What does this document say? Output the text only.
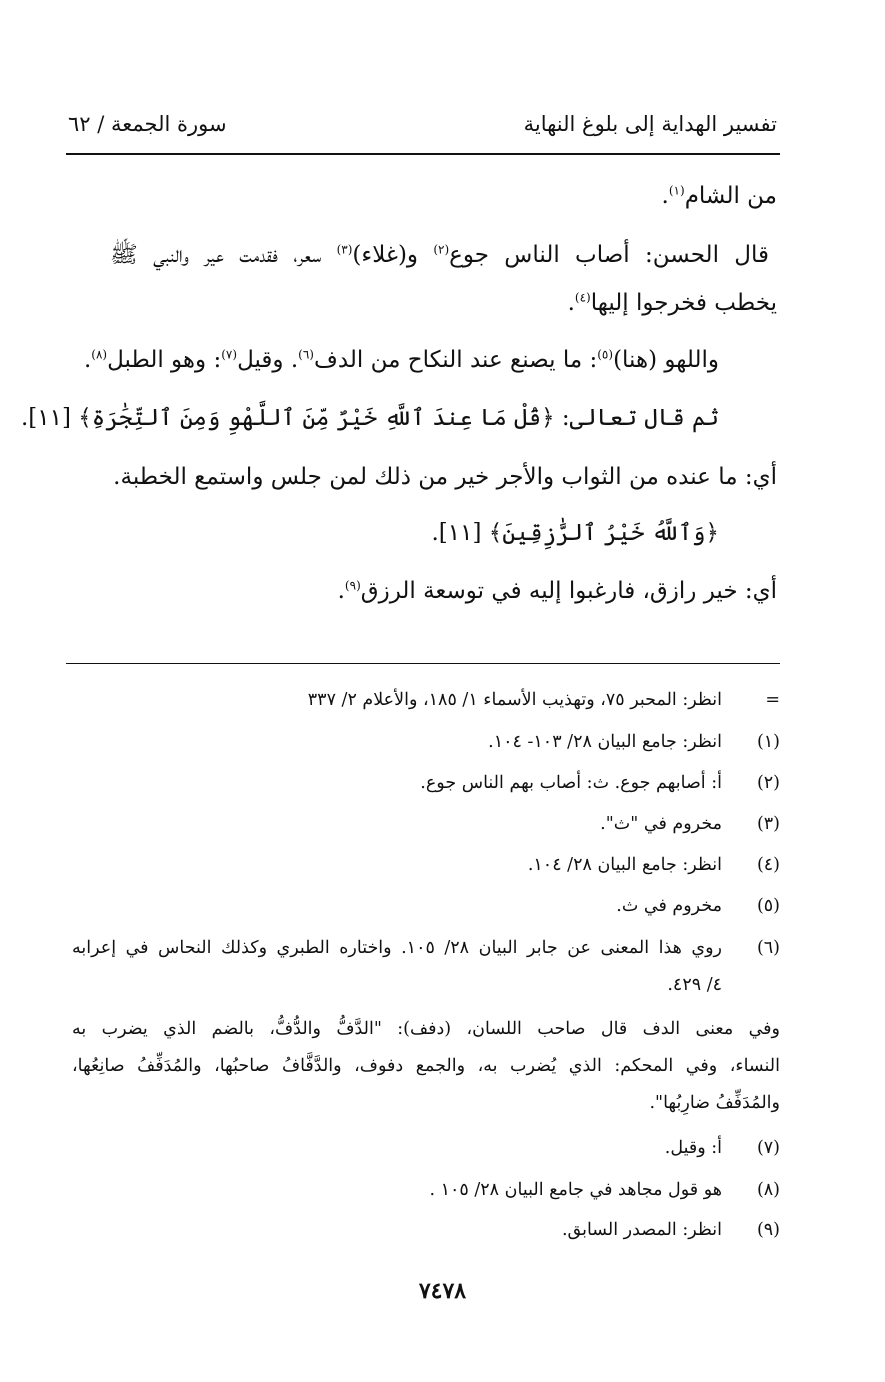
تفسير الهداية إلى بلوغ النهاية
سورة الجمعة / ٦٢
من الشام$^{(١)}$.
قال الحسن: أصاب الناس جوع$^{(٢)}$ و(غلاء)$^{(٣)}$ سعر، فقدمت عير والنبي ﷺ
يخطب فخرجوا إليها$^{(٤)}$.
واللهو (هنا)$^{(٥)}$: ما يصنع عند النكاح من الدف$^{(٦)}$. وقيل$^{(٧)}$: وهو الطبل$^{(٨)}$.
ثم قال تعالى: ﴿قُلْ مَا عِندَ ٱللَّهِ خَيْرٌ مِّنَ ٱللَّهْوِ وَمِنَ ٱلتِّجَٰرَةِ﴾ [١١].
أي: ما عنده من الثواب والأجر خير من ذلك لمن جلس واستمع الخطبة.
﴿وَٱللَّهُ خَيْرُ ٱلرَّٰزِقِينَ﴾ [١١].
أي: خير رازق، فارغبوا إليه في توسعة الرزق$^{(٩)}$.
=
انظر: المحبر ٧٥، وتهذيب الأسماء ١/ ١٨٥، والأعلام ٢/ ٣٣٧
(١)
انظر: جامع البيان ٢٨/ ١٠٣- ١٠٤.
(٢)
أ: أصابهم جوع. ث: أصاب بهم الناس جوع.
(٣)
مخروم في "ث".
(٤)
انظر: جامع البيان ٢٨/ ١٠٤.
(٥)
مخروم في ث.
(٦)
روي هذا المعنى عن جابر البيان ٢٨/ ١٠٥. واختاره الطبري وكذلك النحاس في إعرابه
٤/ ٤٢٩.
وفي معنى الدف قال صاحب اللسان، (دفف): "الدَّفُّ والدُّفُّ، بالضم الذي يضرب به
النساء، وفي المحكم: الذي يُضرب به، والجمع دفوف، والدَّفَّافُ صاحبُها، والمُدَفِّفُ صانِعُها،
والمُدَفِّفُ ضارِبُها".
(٧)
أ: وقيل.
(٨)
هو قول مجاهد في جامع البيان ٢٨/ ١٠٥ .
(٩)
انظر: المصدر السابق.
٧٤٧٨
